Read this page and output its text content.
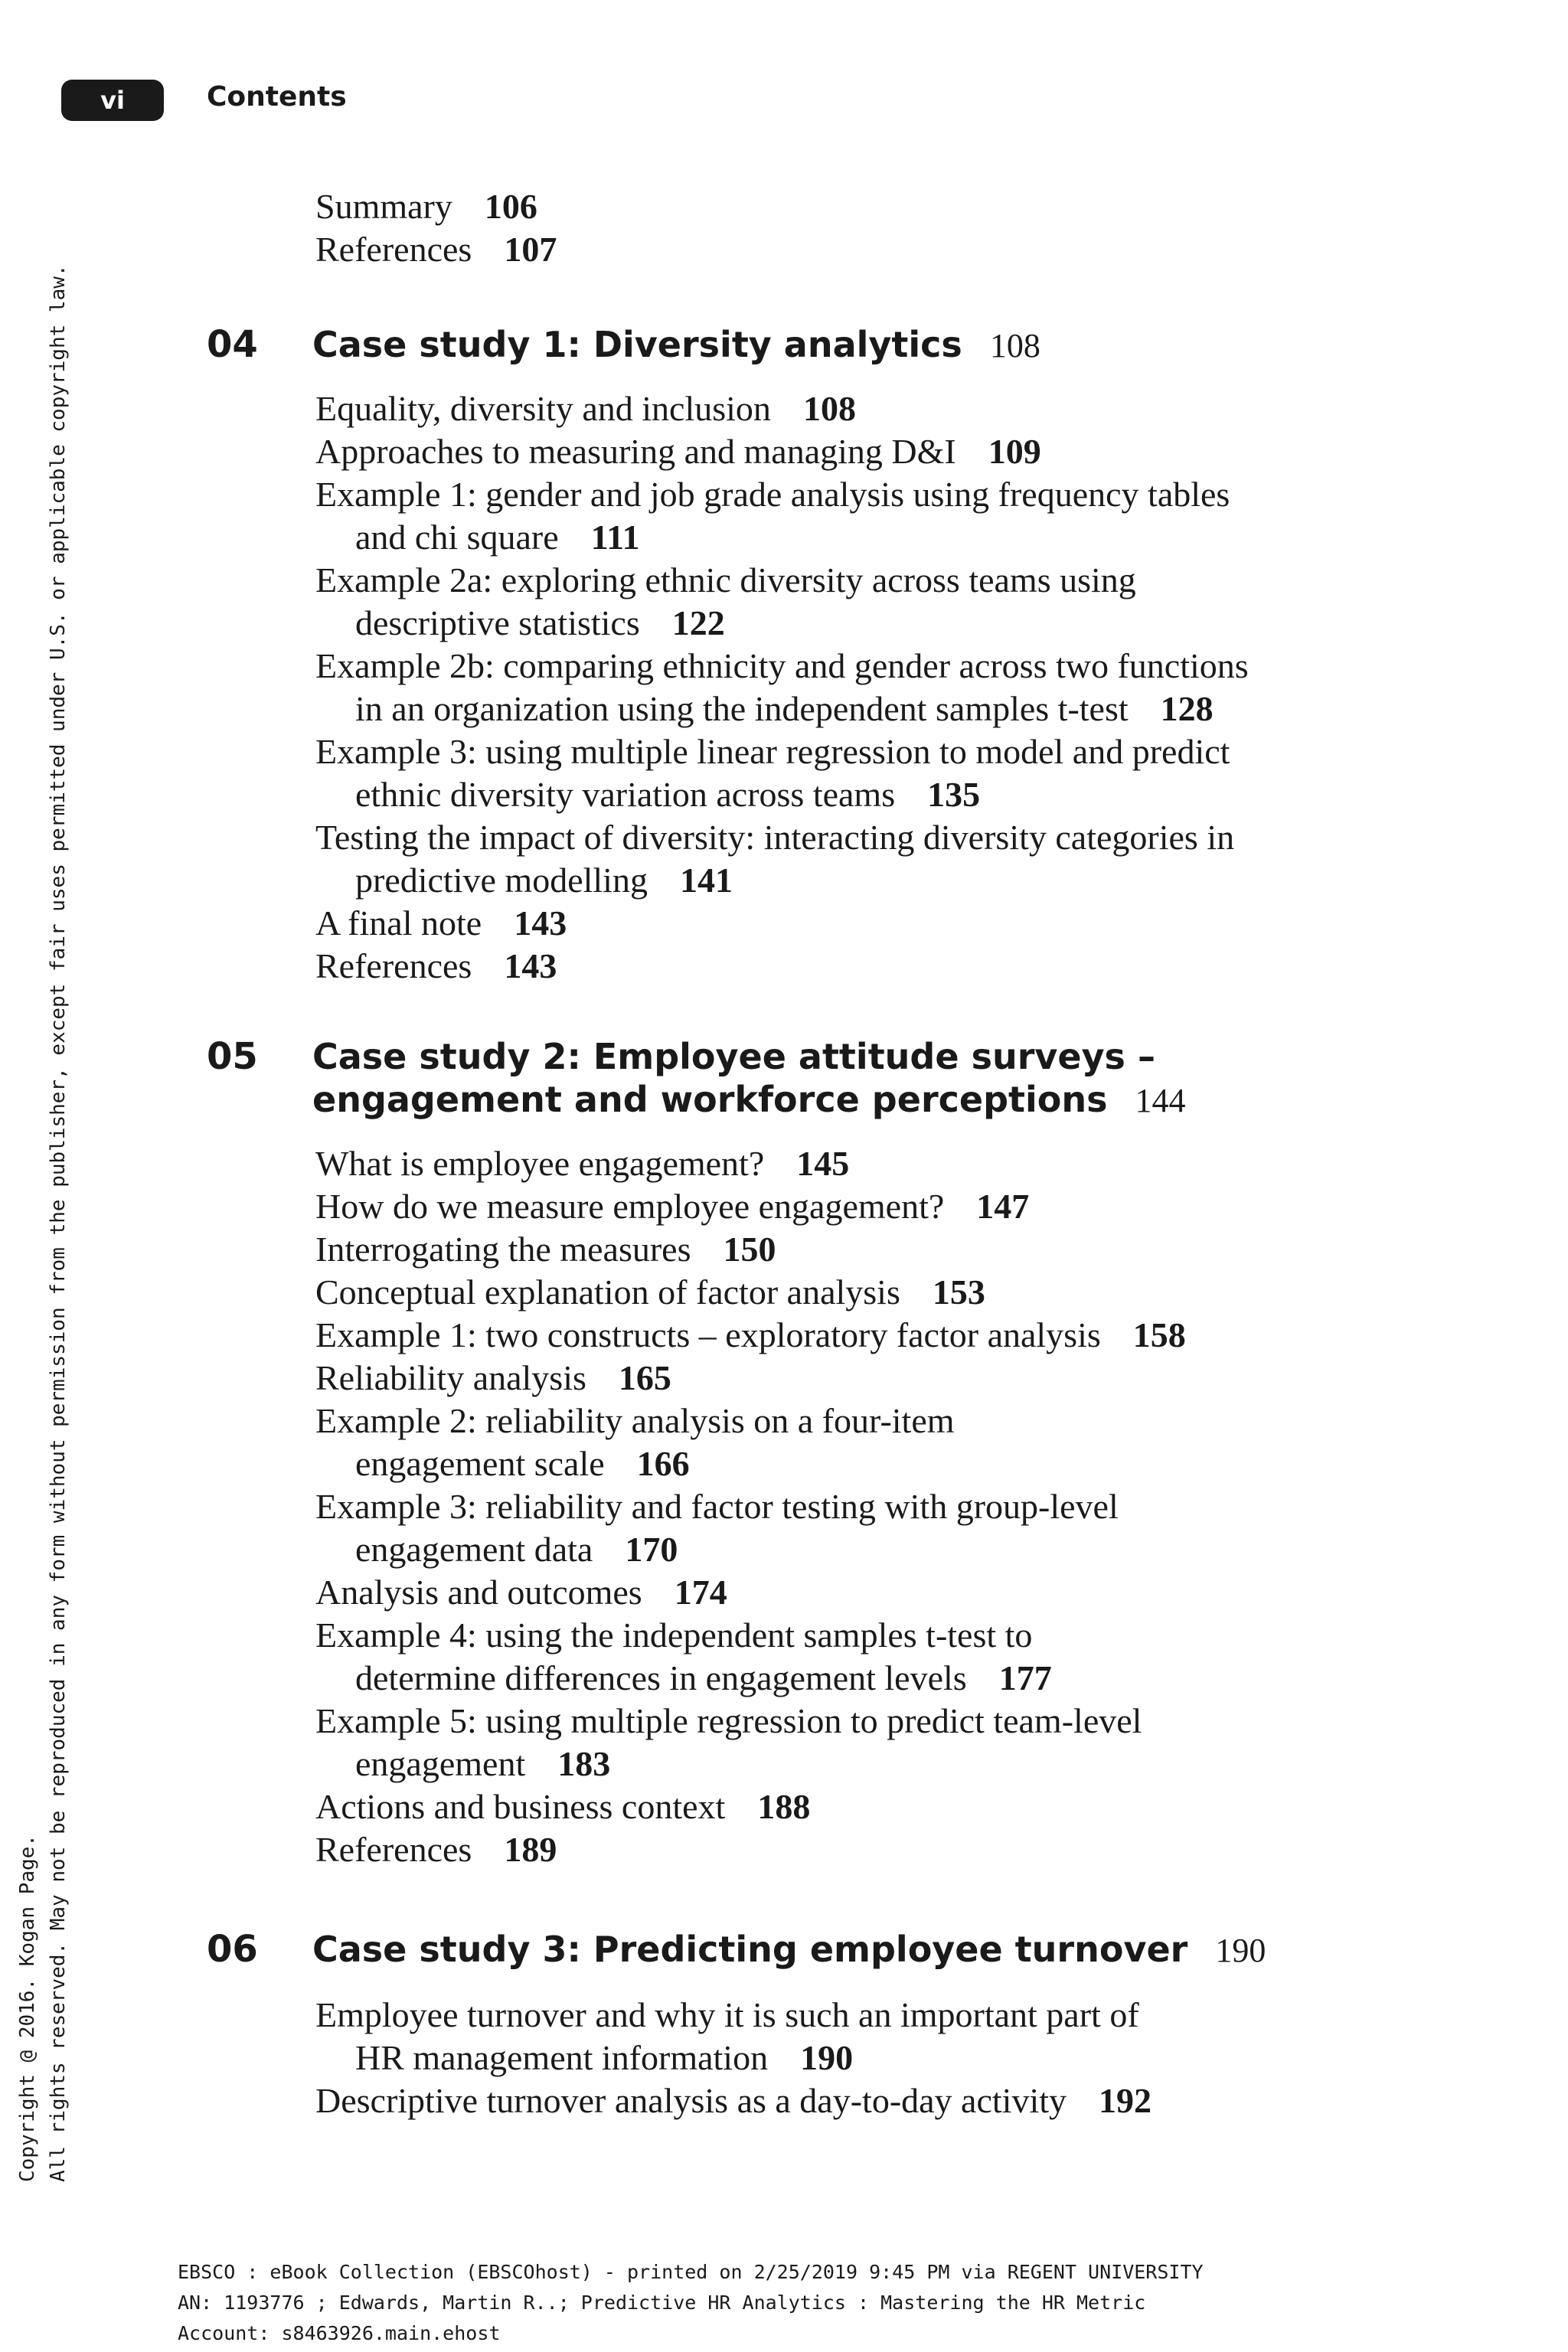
vi	Contents
Summary 106
References 107
04 Case study 1: Diversity analytics 108
Equality, diversity and inclusion 108
Approaches to measuring and managing D&I 109
Example 1: gender and job grade analysis using frequency tables
and chi square 111
Example 2a: exploring ethnic diversity across teams using
descriptive statistics 122
Example 2b: comparing ethnicity and gender across two functions
in an organization using the independent samples t-test 128
Example 3: using multiple linear regression to model and predict
ethnic diversity variation across teams 135
Testing the impact of diversity: interacting diversity categories in
predictive modelling 141
A final note 143
References 143
05 Case study 2: Employee attitude surveys –
engagement and workforce perceptions 144
What is employee engagement? 145
How do we measure employee engagement? 147
Interrogating the measures 150
Conceptual explanation of factor analysis 153
Example 1: two constructs – exploratory factor analysis 158
Reliability analysis 165
Example 2: reliability analysis on a four-item
engagement scale 166
Example 3: reliability and factor testing with group-level
engagement data 170
Analysis and outcomes 174
Example 4: using the independent samples t-test to
determine differences in engagement levels 177
Example 5: using multiple regression to predict team-level
engagement 183
Actions and business context 188
References 189
06 Case study 3: Predicting employee turnover 190
Employee turnover and why it is such an important part of
HR management information 190
Descriptive turnover analysis as a day-to-day activity 192
Copyright @ 2016. Kogan Page. All rights reserved. May not be reproduced in any form without permission from the publisher, except fair uses permitted under U.S. or applicable copyright law.
EBSCO : eBook Collection (EBSCOhost) - printed on 2/25/2019 9:45 PM via REGENT UNIVERSITY
AN: 1193776 ; Edwards, Martin R..; Predictive HR Analytics : Mastering the HR Metric
Account: s8463926.main.ehost
